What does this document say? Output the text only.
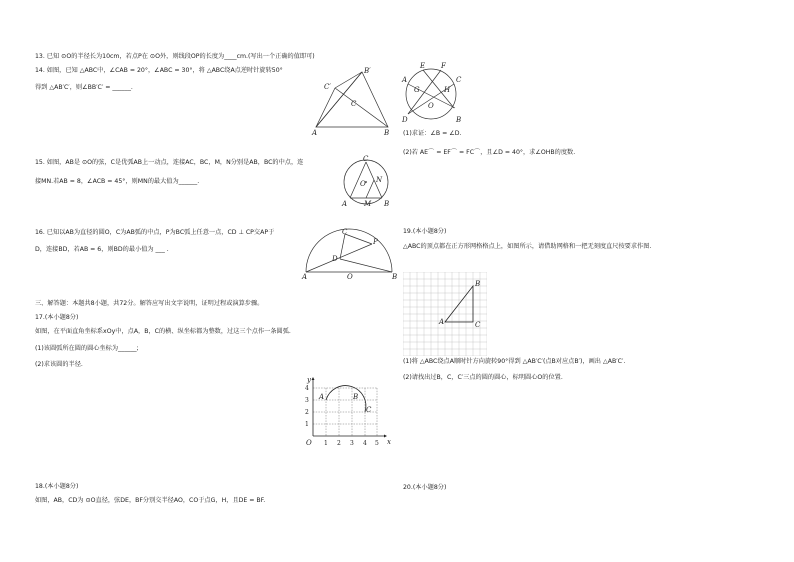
13. 已知 ⊙O的半径长为10cm，若点P在 ⊙O外，则线段OP的长度为____cm.(写出一个正确的值即可)
14. 如图，已知 △ABC中，∠CAB = 20°，∠ABC = 30°，将 △ABC绕A点逆时针旋转50°
得到 △AB′C′，则∠BB′C′ = ______.
15. 如图，AB是 ⊙O的弦，C是优弧AB上一动点，连接AC，BC，M，N分别是AB，BC的中点，连
接MN.若AB = 8，∠ACB = 45°，则MN的最大值为______.
16. 已知以AB为直径的圆O，C为AB弧的中点，P为BC弧上任意一点，CD ⊥ CP交AP于
D，连接BD，若AB = 6，则BD的最小值为 ___ .
三、解答题：本题共8小题，共72分。解答应写出文字说明，证明过程或演算步骤。
17.(本小题8分)
如图，在平面直角坐标系xOy中，点A，B，C的横、纵坐标都为整数，过这三个点作一条圆弧.
(1)该圆弧所在圆的圆心坐标为______;
(2)求该圆的半径.
18.(本小题8分)
如图，AB，CD为 ⊙O直径，弦DE，BF分别交半径AO，CO于点G，H，且DE = BF.
(1)求证：∠B = ∠D.
(2)若 AE⌒ = EF⌒ = FC⌒，且∠D = 40°，求∠OHB的度数.
19.(本小题8分)
△ABC的顶点都在正方形网格格点上，如图所示，请借助网格和一把无刻度直尺按要求作图.
(1)将 △ABC绕点A顺时针方向旋转90°得到 △AB′C′(点B对应点B′)，画出 △AB′C′.
(2)请找出过B，C，C′三点的圆的圆心，标明圆心O的位置.
20.(本小题8分)
A	B
C′
B′
C
A
E F
C
G	H
O
D	B
C
O N
A M B
C
P
D
A	O	B
y
x
O
4
3
2
1
1 2 3 4 5
A	B
C
A
B
C
